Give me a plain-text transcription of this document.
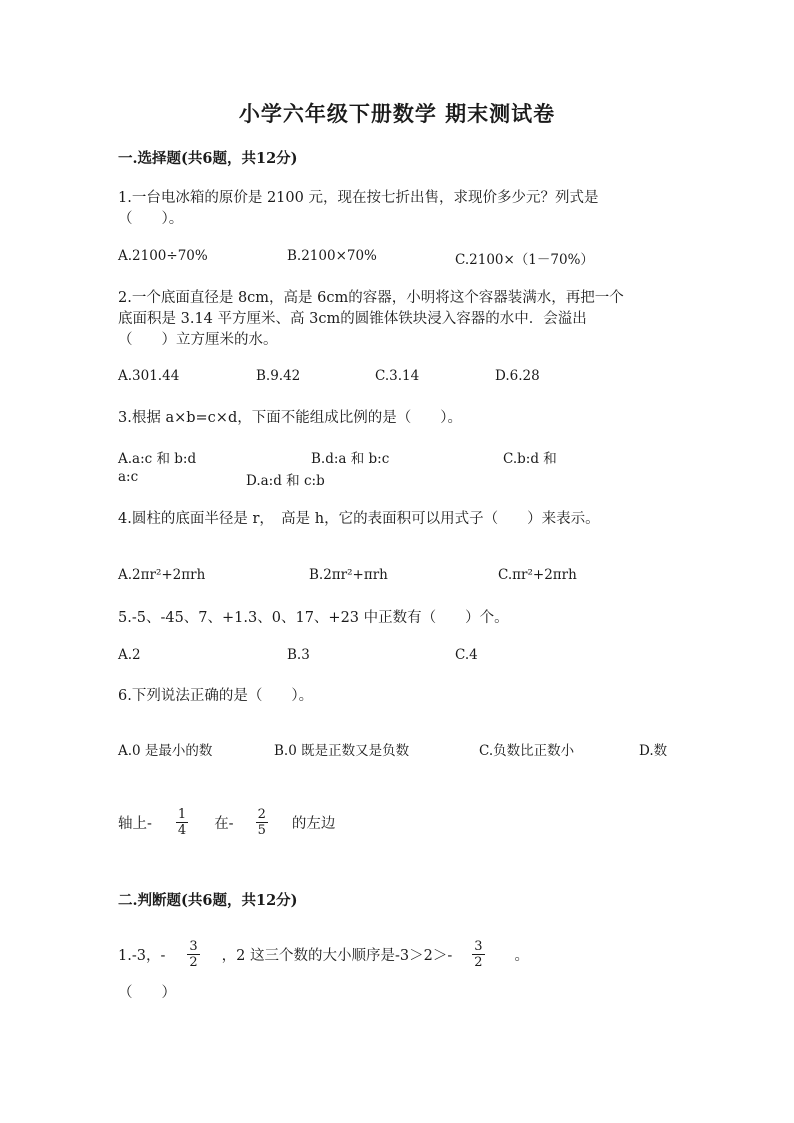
小学六年级下册数学 期末测试卷
一.选择题(共6题，共12分)
1.一台电冰箱的原价是 2100 元，现在按七折出售，求现价多少元？列式是
（　　）。
A.2100÷70%	B.2100×70%	C.2100×（1－70%）
2.一个底面直径是 8cm，高是 6cm的容器，小明将这个容器装满水，再把一个
底面积是 3.14 平方厘米、高 3cm的圆锥体铁块浸入容器的水中．会溢出
（　　）立方厘米的水。
A.301.44	B.9.42	C.3.14	D.6.28
3.根据 a×b=c×d，下面不能组成比例的是（　　）。
A.a:c 和 b:d	B.d:a 和 b:c	C.b:d 和
a:c	D.a:d 和 c:b
4.圆柱的底面半径是 r，　高是 h，它的表面积可以用式子（　　）来表示。
A.2πr²+2πrh	B.2πr²+πrh	C.πr²+2πrh
5.-5、-45、7、+1.3、0、17、+23 中正数有（　　）个。
A.2	B.3	C.4
6.下列说法正确的是（　　）。
A.0 是最小的数	B.0 既是正数又是负数	C.负数比正数小	D.数
轴上- $\frac{1}{4}$ 在- $\frac{2}{5}$ 的左边
二.判断题(共6题，共12分)
1.-3，- $\frac{3}{2}$ ，2 这三个数的大小顺序是$-3>2>- \frac{3}{2}$ 。
（　　）
